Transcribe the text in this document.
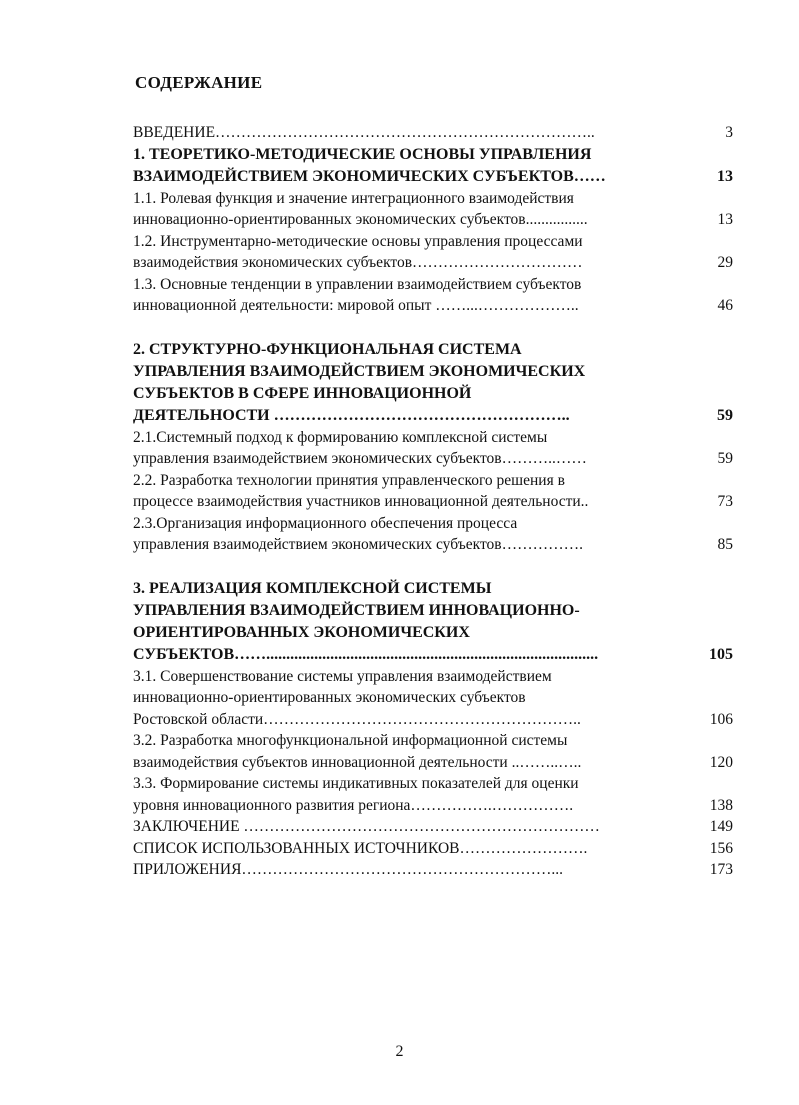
СОДЕРЖАНИЕ
ВВЕДЕНИЕ………………………………………………………………..	3
1. ТЕОРЕТИКО-МЕТОДИЧЕСКИЕ ОСНОВЫ УПРАВЛЕНИЯ
ВЗАИМОДЕЙСТВИЕМ ЭКОНОМИЧЕСКИХ СУБЪЕКТОВ……	13
1.1. Ролевая функция и значение интеграционного взаимодействия
инновационно-ориентированных экономических субъектов................	13
1.2. Инструментарно-методические основы управления процессами
взаимодействия экономических субъектов……………………………	29
1.3. Основные тенденции в управлении взаимодействием субъектов
инновационной деятельности: мировой опыт ……...………………..	46
2. СТРУКТУРНО-ФУНКЦИОНАЛЬНАЯ СИСТЕМА
УПРАВЛЕНИЯ ВЗАИМОДЕЙСТВИЕМ ЭКОНОМИЧЕСКИХ
СУБЪЕКТОВ В СФЕРЕ ИННОВАЦИОННОЙ
ДЕЯТЕЛЬНОСТИ ………………………………………………..	59
2.1.Системный подход к формированию комплексной системы
управления взаимодействием экономических субъектов………..……	59
2.2. Разработка технологии принятия управленческого решения в
процессе взаимодействия участников инновационной деятельности..	73
2.3.Организация информационного обеспечения процесса
управления взаимодействием экономических субъектов…………….	85
3. РЕАЛИЗАЦИЯ КОМПЛЕКСНОЙ СИСТЕМЫ
УПРАВЛЕНИЯ ВЗАИМОДЕЙСТВИЕМ ИННОВАЦИОННО-
ОРИЕНТИРОВАННЫХ ЭКОНОМИЧЕСКИХ
СУБЪЕКТОВ……...................................................................................	105
3.1. Совершенствование системы управления взаимодействием
инновационно-ориентированных экономических субъектов
Ростовской области……………………………………………………..	106
3.2. Разработка многофункциональной информационной системы
взаимодействия субъектов инновационной деятельности ..……..…..	120
3.3. Формирование системы индикативных показателей для оценки
уровня инновационного развития региона…………….…………….	138
ЗАКЛЮЧЕНИЕ ……………………………………………………………	149
СПИСОК ИСПОЛЬЗОВАННЫХ ИСТОЧНИКОВ…………………….	156
ПРИЛОЖЕНИЯ……………………………………………………...	173
2
